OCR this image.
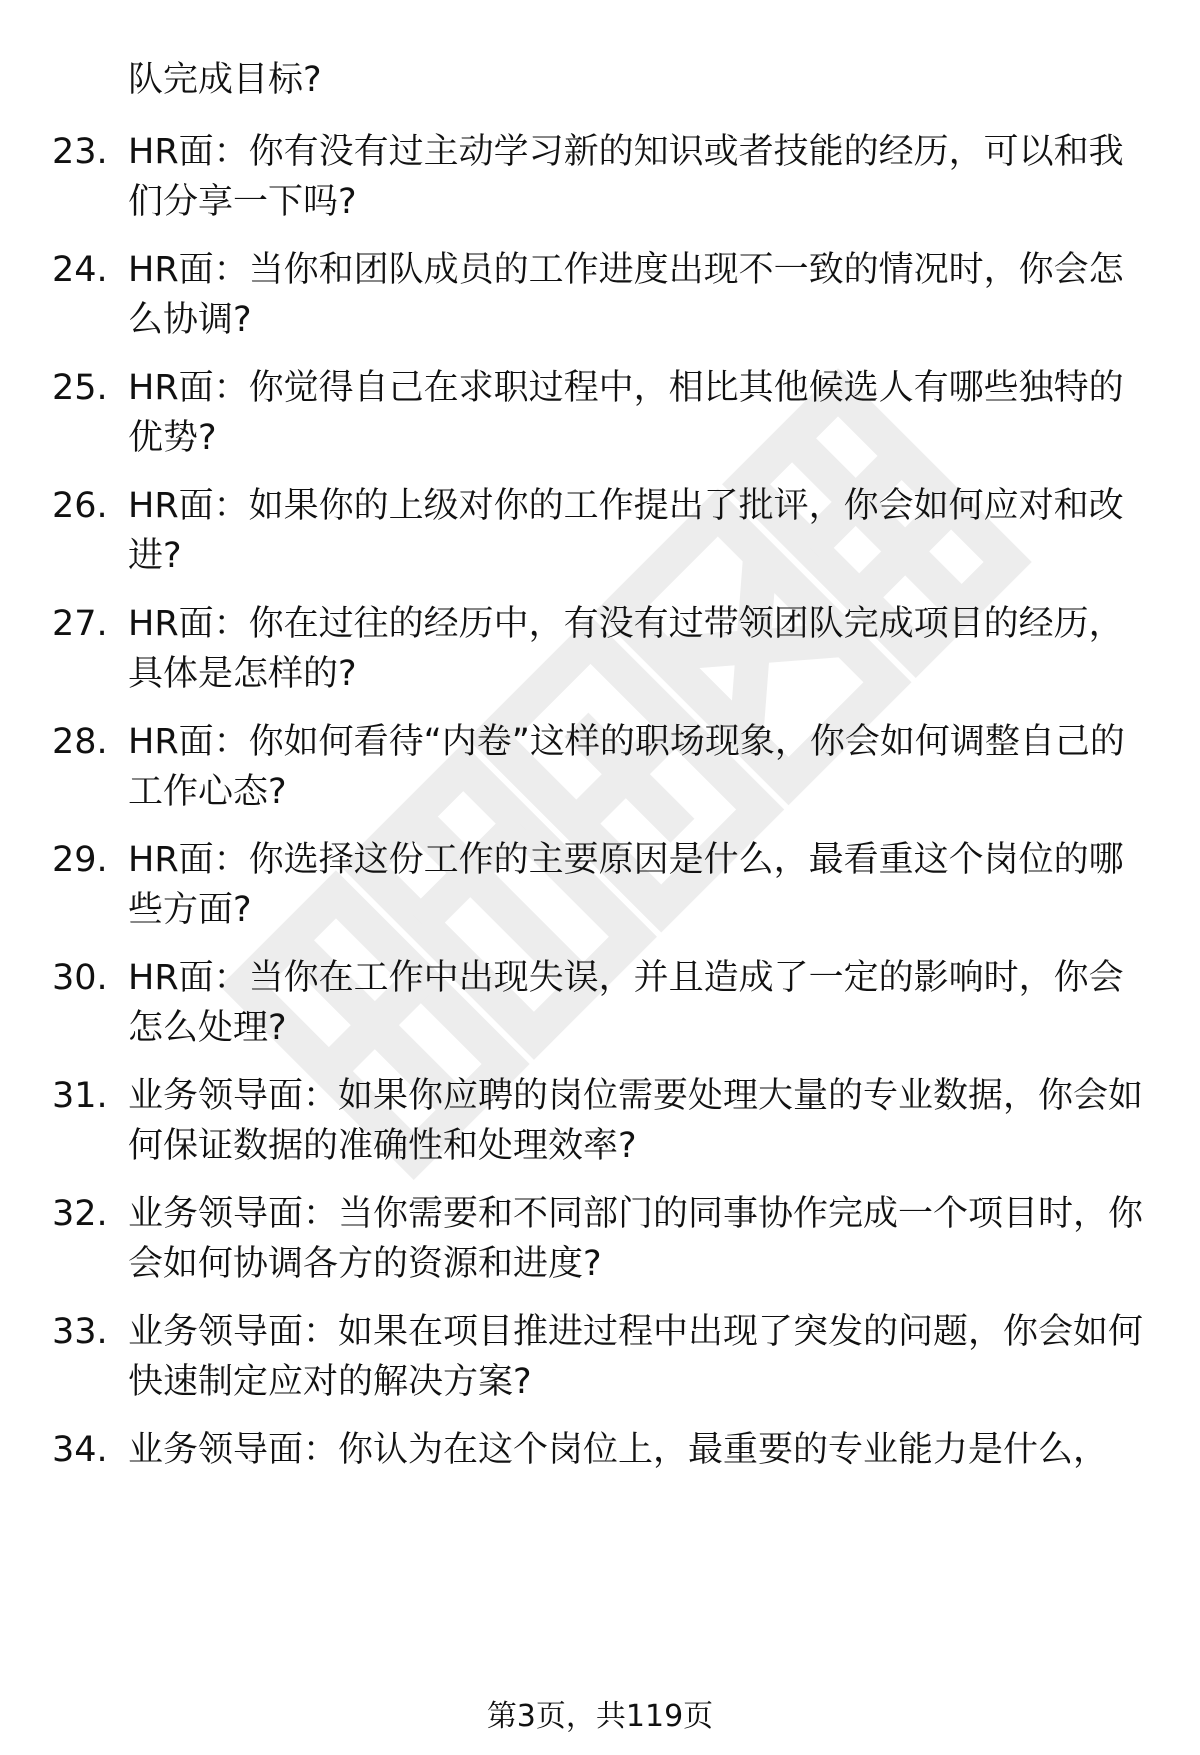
队完成目标?
23. HR面：你有没有过主动学习新的知识或者技能的经历，可以和我们分享一下吗?
24. HR面：当你和团队成员的工作进度出现不一致的情况时，你会怎么协调?
25. HR面：你觉得自己在求职过程中，相比其他候选人有哪些独特的优势?
26. HR面：如果你的上级对你的工作提出了批评，你会如何应对和改进?
27. HR面：你在过往的经历中，有没有过带领团队完成项目的经历，具体是怎样的?
28. HR面：你如何看待“内卷”这样的职场现象，你会如何调整自己的工作心态?
29. HR面：你选择这份工作的主要原因是什么，最看重这个岗位的哪些方面?
30. HR面：当你在工作中出现失误，并且造成了一定的影响时，你会怎么处理?
31. 业务领导面：如果你应聘的岗位需要处理大量的专业数据，你会如何保证数据的准确性和处理效率?
32. 业务领导面：当你需要和不同部门的同事协作完成一个项目时，你会如何协调各方的资源和进度?
33. 业务领导面：如果在项目推进过程中出现了突发的问题，你会如何快速制定应对的解决方案?
34. 业务领导面：你认为在这个岗位上，最重要的专业能力是什么，
第3页，共119页
